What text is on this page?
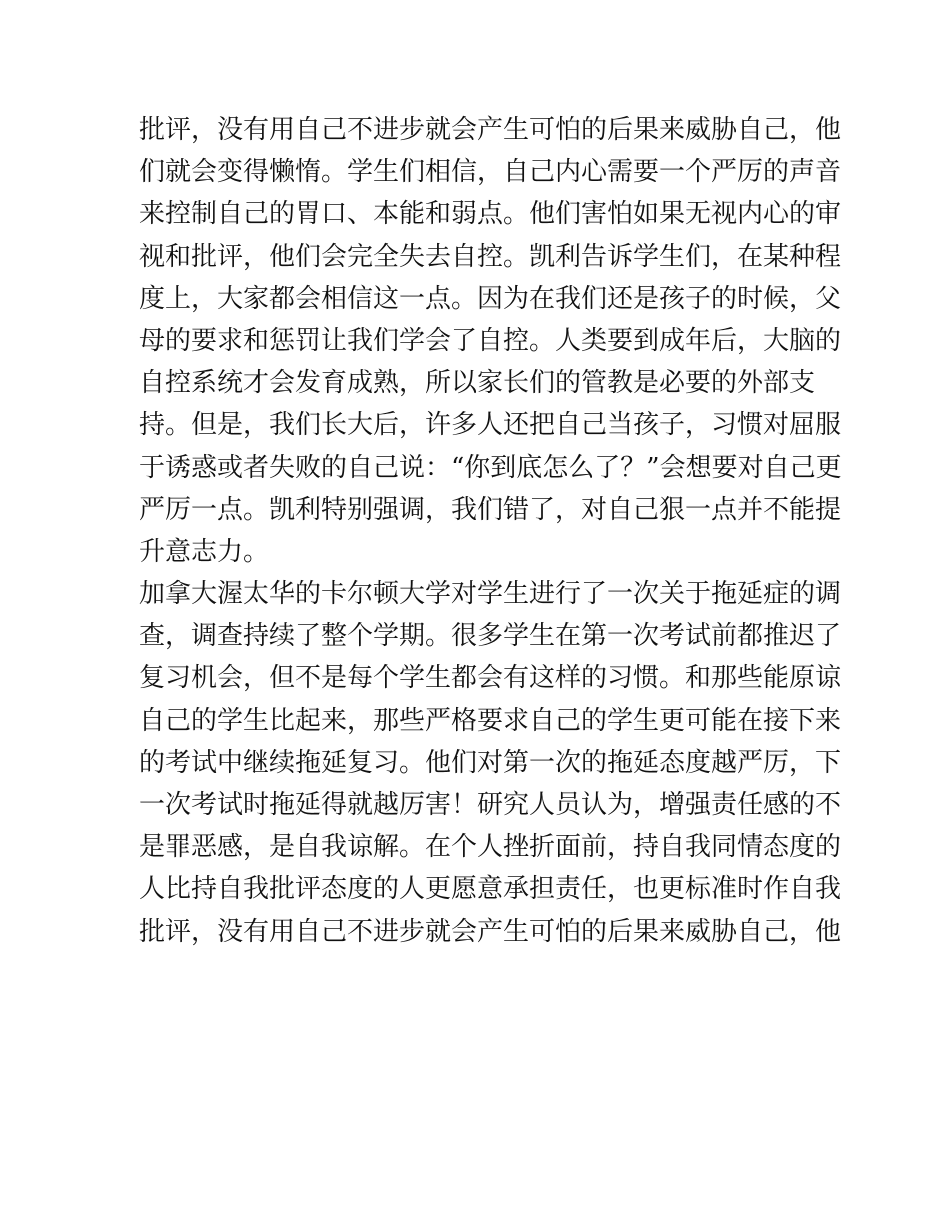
批评，没有用自己不进步就会产生可怕的后果来威胁自己，他
们就会变得懒惰。学生们相信，自己内心需要一个严厉的声音
来控制自己的胃口、本能和弱点。他们害怕如果无视内心的审
视和批评，他们会完全失去自控。凯利告诉学生们，在某种程
度上，大家都会相信这一点。因为在我们还是孩子的时候，父
母的要求和惩罚让我们学会了自控。人类要到成年后，大脑的
自控系统才会发育成熟，所以家长们的管教是必要的外部支
持。但是，我们长大后，许多人还把自己当孩子，习惯对屈服
于诱惑或者失败的自己说：“你到底怎么了？”会想要对自己更
严厉一点。凯利特别强调，我们错了，对自己狠一点并不能提
升意志力。
加拿大渥太华的卡尔顿大学对学生进行了一次关于拖延症的调
查，调查持续了整个学期。很多学生在第一次考试前都推迟了
复习机会，但不是每个学生都会有这样的习惯。和那些能原谅
自己的学生比起来，那些严格要求自己的学生更可能在接下来
的考试中继续拖延复习。他们对第一次的拖延态度越严厉，下
一次考试时拖延得就越厉害！研究人员认为，增强责任感的不
是罪恶感，是自我谅解。在个人挫折面前，持自我同情态度的
人比持自我批评态度的人更愿意承担责任，也更标准时作自我
批评，没有用自己不进步就会产生可怕的后果来威胁自己，他
